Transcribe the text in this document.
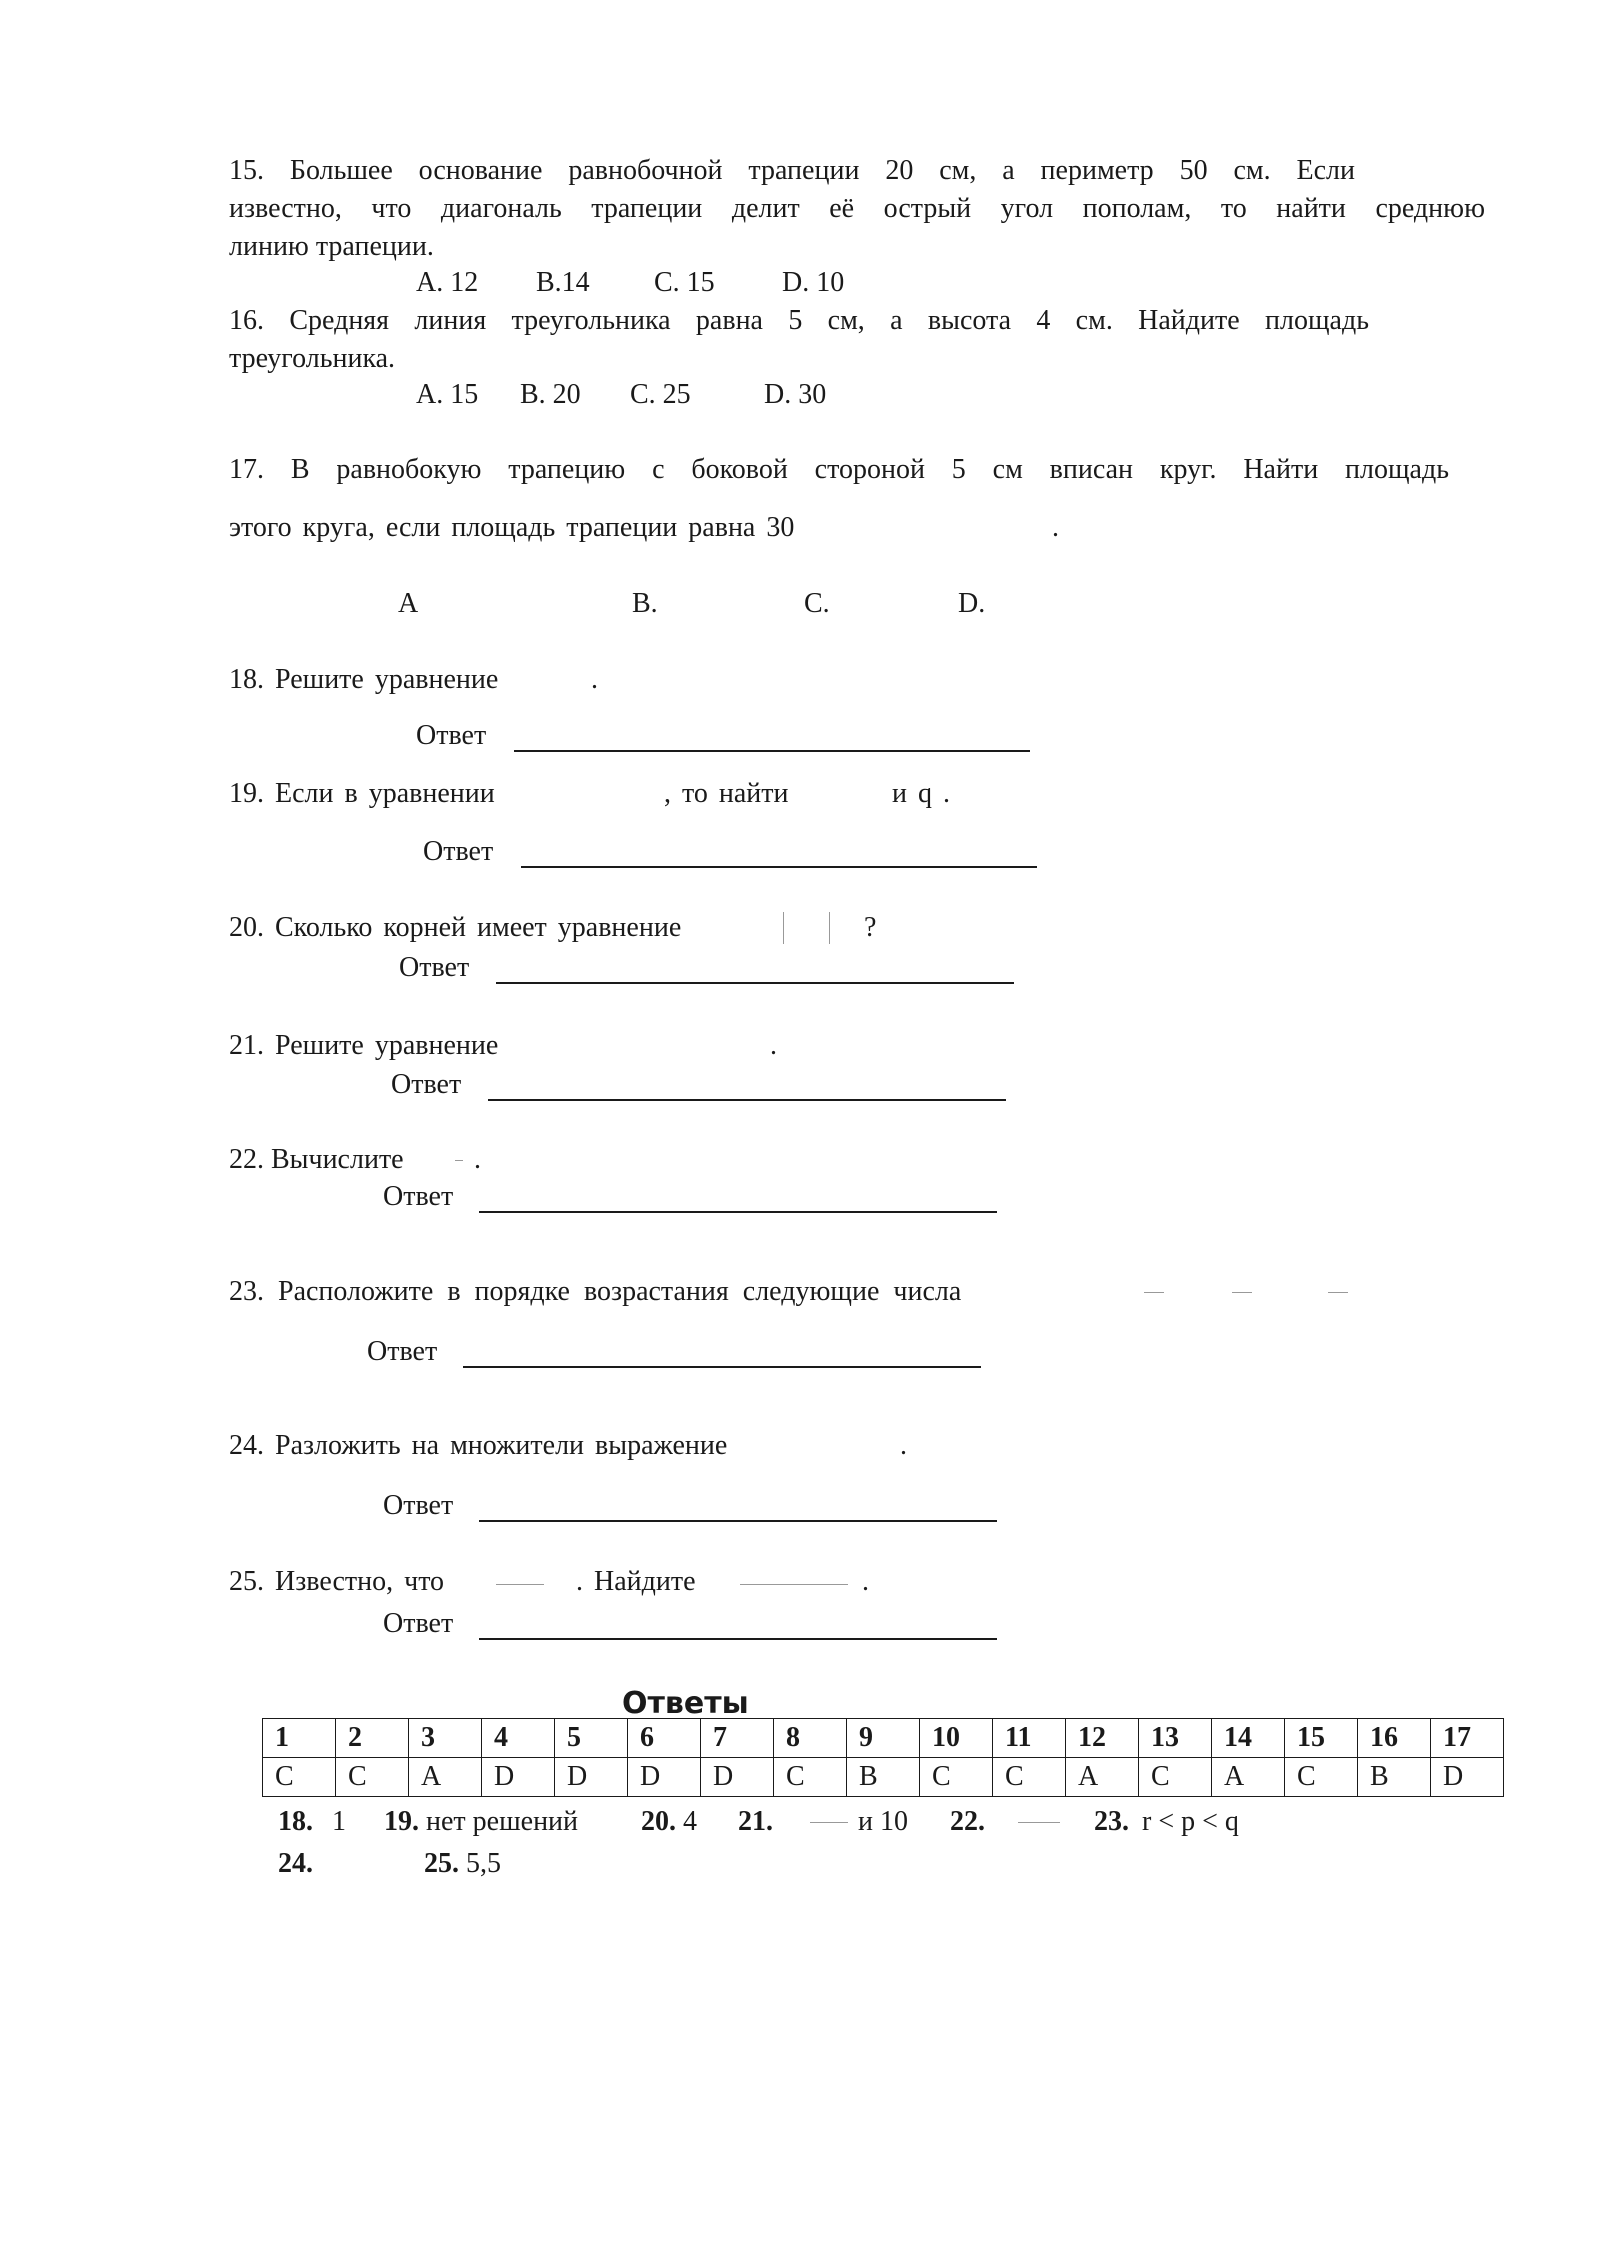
15. Большее основание равнобочной трапеции 20 см, а периметр 50 см. Если
известно, что диагональ трапеции делит её острый угол пополам, то найти среднюю
линию трапеции.
A. 12 B.14 C. 15 D. 10
16. Средняя линия треугольника равна 5 см, а высота 4 см. Найдите площадь
треугольника.
A. 15 B. 20 C. 25	D. 30
17. В равнобокую трапецию с боковой стороной 5 см вписан круг. Найти площадь
этого круга, если площадь трапеции равна 30	.
A	B.	C.	D.
18. Решите уравнение	.
Ответ
19. Если в уравнении	, то найти	и q .
Ответ
20. Сколько корней имеет уравнение	?
Ответ
21. Решите уравнение	.
Ответ
22. Вычислите	.
Ответ
23. Расположите в порядке возрастания следующие числа
Ответ
24. Разложить на множители выражение	.
Ответ
25. Известно, что	. Найдите	.
Ответ
Ответы
1	2	3	4	5	6	7	8	9	10	11	12	13	14	15	16	17
C	C	A	D	D	D	D	C	B	C	C	A	C	A	C	B	D
18. 1 19. нет решений 20. 4 21.	и 10 22.	23. r < p < q
24.	25. 5,5
